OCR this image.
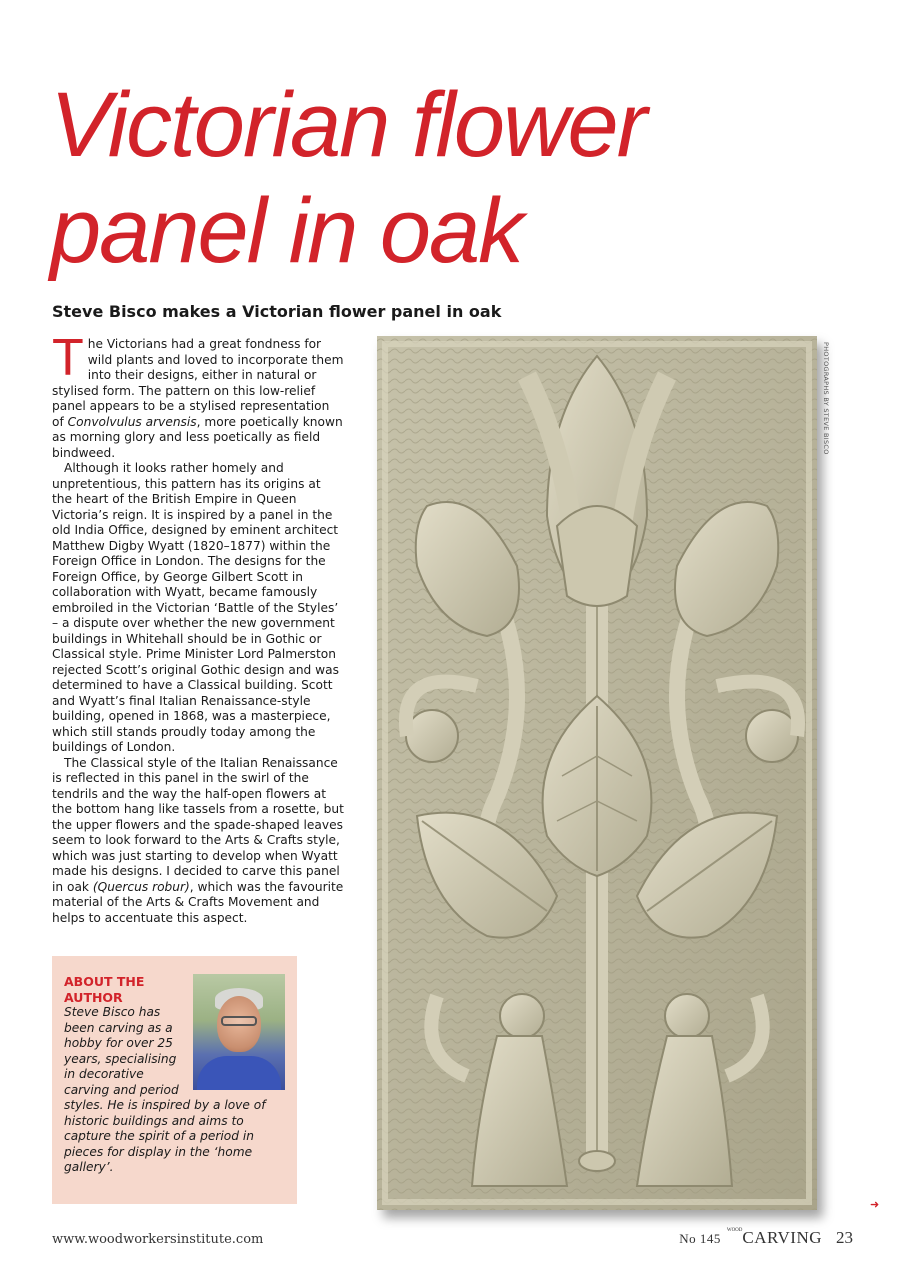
Victorian flower panel in oak
Steve Bisco makes a Victorian flower panel in oak

The Victorians had a great fondness for wild plants and loved to incorporate them into their designs, either in natural or stylised form. The pattern on this low-relief panel appears to be a stylised representation of Convolvulus arvensis, more poetically known as morning glory and less poetically as field bindweed.

Although it looks rather homely and unpretentious, this pattern has its origins at the heart of the British Empire in Queen Victoria’s reign. It is inspired by a panel in the old India Office, designed by eminent architect Matthew Digby Wyatt (1820–1877) within the Foreign Office in London. The designs for the Foreign Office, by George Gilbert Scott in collaboration with Wyatt, became famously embroiled in the Victorian ‘Battle of the Styles’ – a dispute over whether the new government buildings in Whitehall should be in Gothic or Classical style. Prime Minister Lord Palmerston rejected Scott’s original Gothic design and was determined to have a Classical building. Scott and Wyatt’s final Italian Renaissance-style building, opened in 1868, was a masterpiece, which still stands proudly today among the buildings of London.

The Classical style of the Italian Renaissance is reflected in this panel in the swirl of the tendrils and the way the half-open flowers at the bottom hang like tassels from a rosette, but the upper flowers and the spade-shaped leaves seem to look forward to the Arts & Crafts style, which was just starting to develop when Wyatt made his designs. I decided to carve this panel in oak (Quercus robur), which was the favourite material of the Arts & Crafts Movement and helps to accentuate this aspect.

ABOUT THE AUTHOR
Steve Bisco has been carving as a hobby for over 25 years, specialising in decorative carving and period styles. He is inspired by a love of historic buildings and aims to capture the spirit of a period in pieces for display in the ‘home gallery’.
PHOTOGRAPHS BY STEVE BISCO
➜
www.woodworkersinstitute.com	No 145
$^{WOOD}$CARVING 23
